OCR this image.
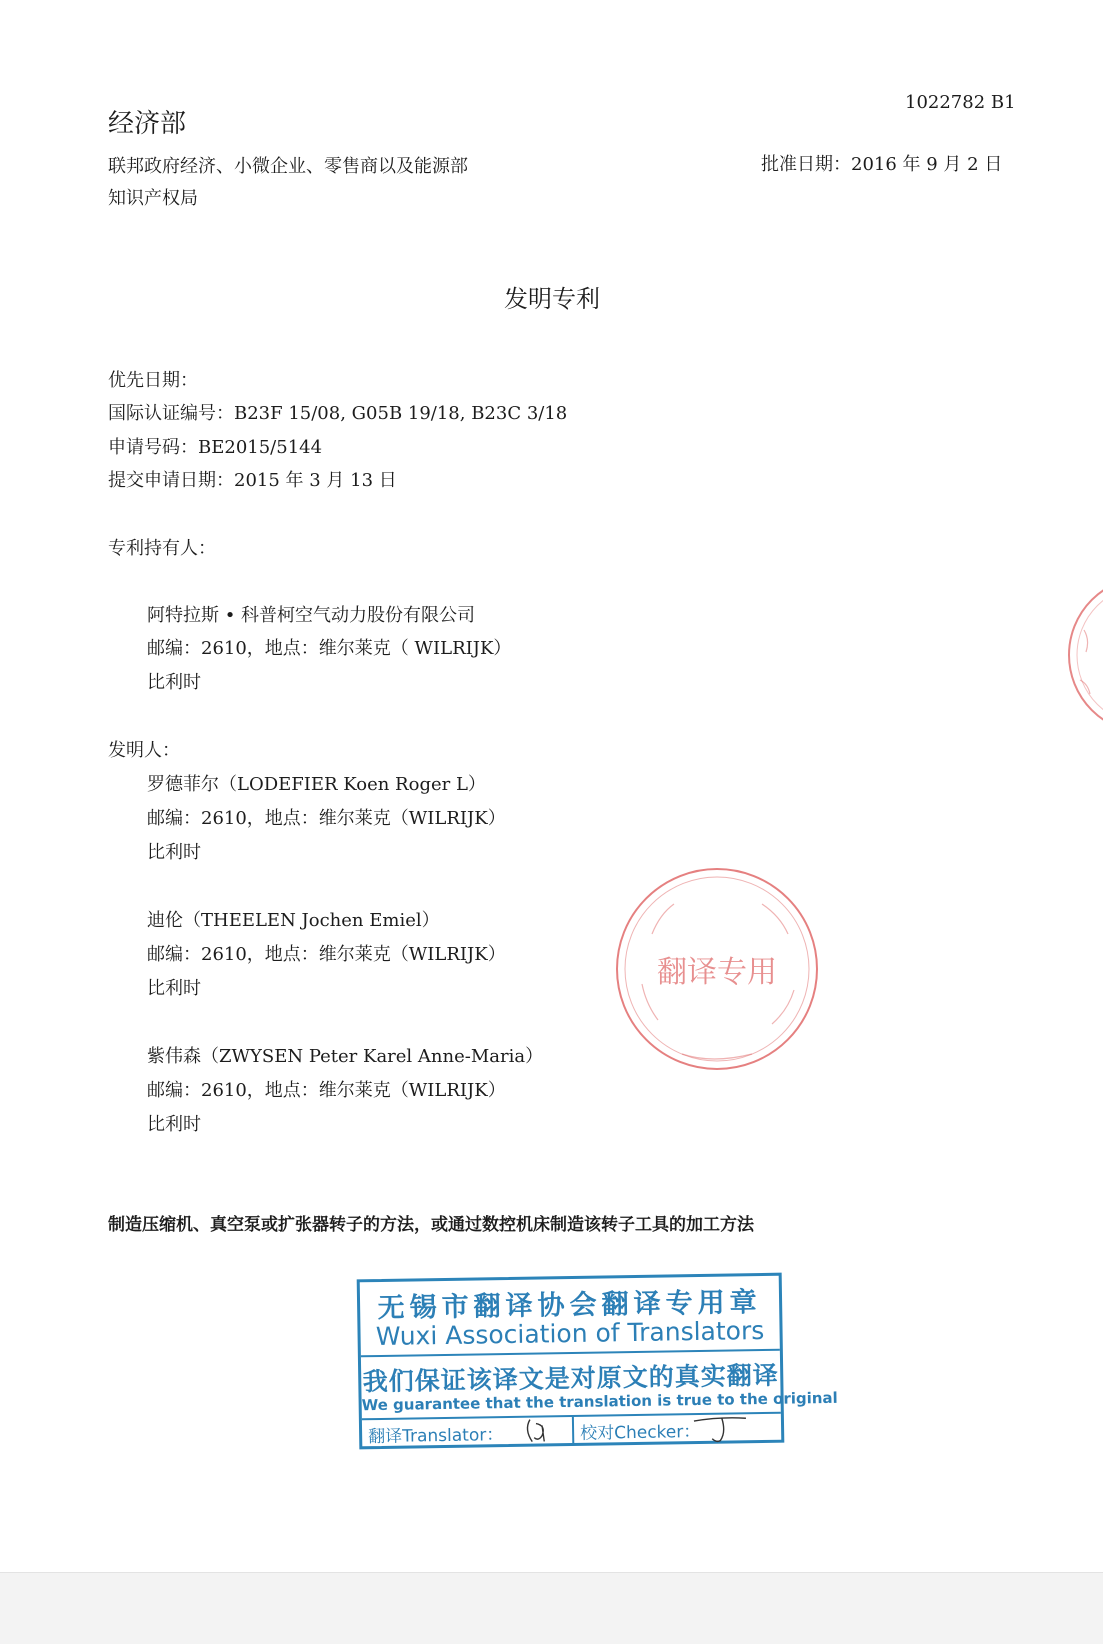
1022782 B1
经济部
联邦政府经济、小微企业、零售商以及能源部
知识产权局
批准日期：2016 年 9 月 2 日
发明专利
优先日期：
国际认证编号：B23F 15/08, G05B 19/18, B23C 3/18
申请号码：BE2015/5144
提交申请日期：2015 年 3 月 13 日
专利持有人：
阿特拉斯 • 科普柯空气动力股份有限公司
邮编：2610，地点：维尔莱克（ WILRIJK）
比利时
发明人：
罗德菲尔（LODEFIER Koen Roger L）
邮编：2610，地点：维尔莱克（WILRIJK）
比利时
迪伦（THEELEN Jochen Emiel）
邮编：2610，地点：维尔莱克（WILRIJK）
比利时
紫伟森（ZWYSEN Peter Karel Anne-Maria）
邮编：2610，地点：维尔莱克（WILRIJK）
比利时
制造压缩机、真空泵或扩张器转子的方法，或通过数控机床制造该转子工具的加工方法
翻译专用
无锡市翻译协会翻译专用章
Wuxi Association of Translators
我们保证该译文是对原文的真实翻译
We guarantee that the translation is true to the original
翻译Translator：	校对Checker：
